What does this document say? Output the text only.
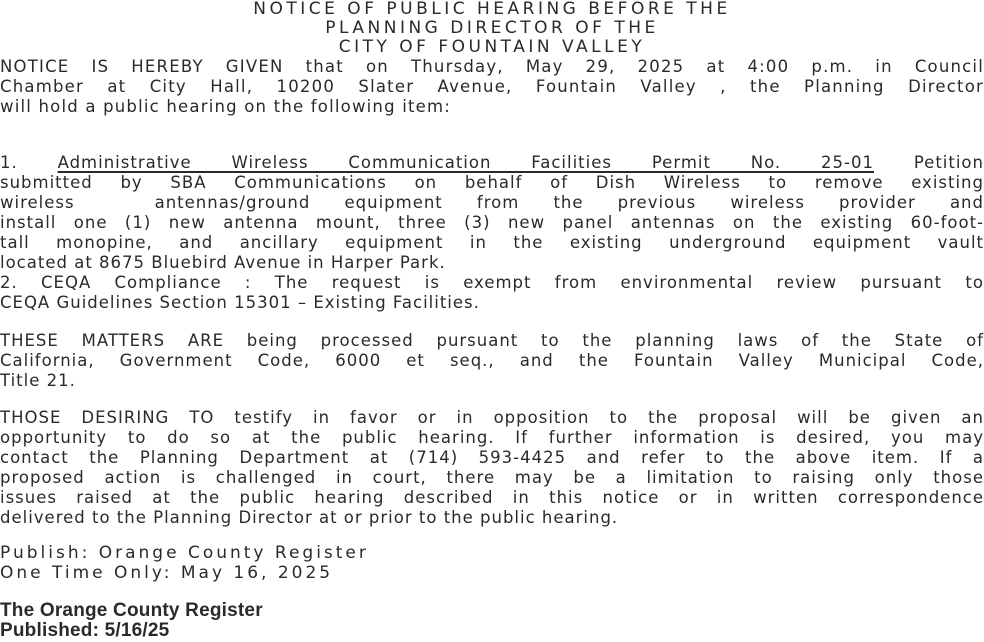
NOTICE OF PUBLIC HEARING BEFORE THE
PLANNING DIRECTOR OF THE
CITY OF FOUNTAIN VALLEY
NOTICE IS HEREBY GIVEN that on Thursday, May 29, 2025 at 4:00 p.m. in Council
Chamber at City Hall, 10200 Slater Avenue, Fountain Valley , the Planning Director
will hold a public hearing on the following item:
1. Administrative Wireless Communication Facilities Permit No. 25-01 Petition
submitted by SBA Communications on behalf of Dish Wireless to remove existing
wireless	antennas/ground equipment from the previous wireless provider and
install one (1) new antenna mount, three (3) new panel antennas on the existing 60-foot-
tall monopine, and ancillary equipment in the existing underground equipment vault
located at 8675 Bluebird Avenue in Harper Park.
2. CEQA Compliance : The request is exempt from environmental review pursuant to
CEQA Guidelines Section 15301 – Existing Facilities.
THESE MATTERS ARE being processed pursuant to the planning laws of the State of
California, Government Code, 6000 et seq., and the Fountain Valley Municipal Code,
Title 21.
THOSE DESIRING TO testify in favor or in opposition to the proposal will be given an
opportunity to do so at the public hearing. If further information is desired, you may
contact the Planning Department at (714) 593-4425 and refer to the above item. If a
proposed action is challenged in court, there may be a limitation to raising only those
issues raised at the public hearing described in this notice or in written correspondence
delivered to the Planning Director at or prior to the public hearing.
Publish: Orange County Register
One Time Only: May 16, 2025
The Orange County Register
Published: 5/16/25
